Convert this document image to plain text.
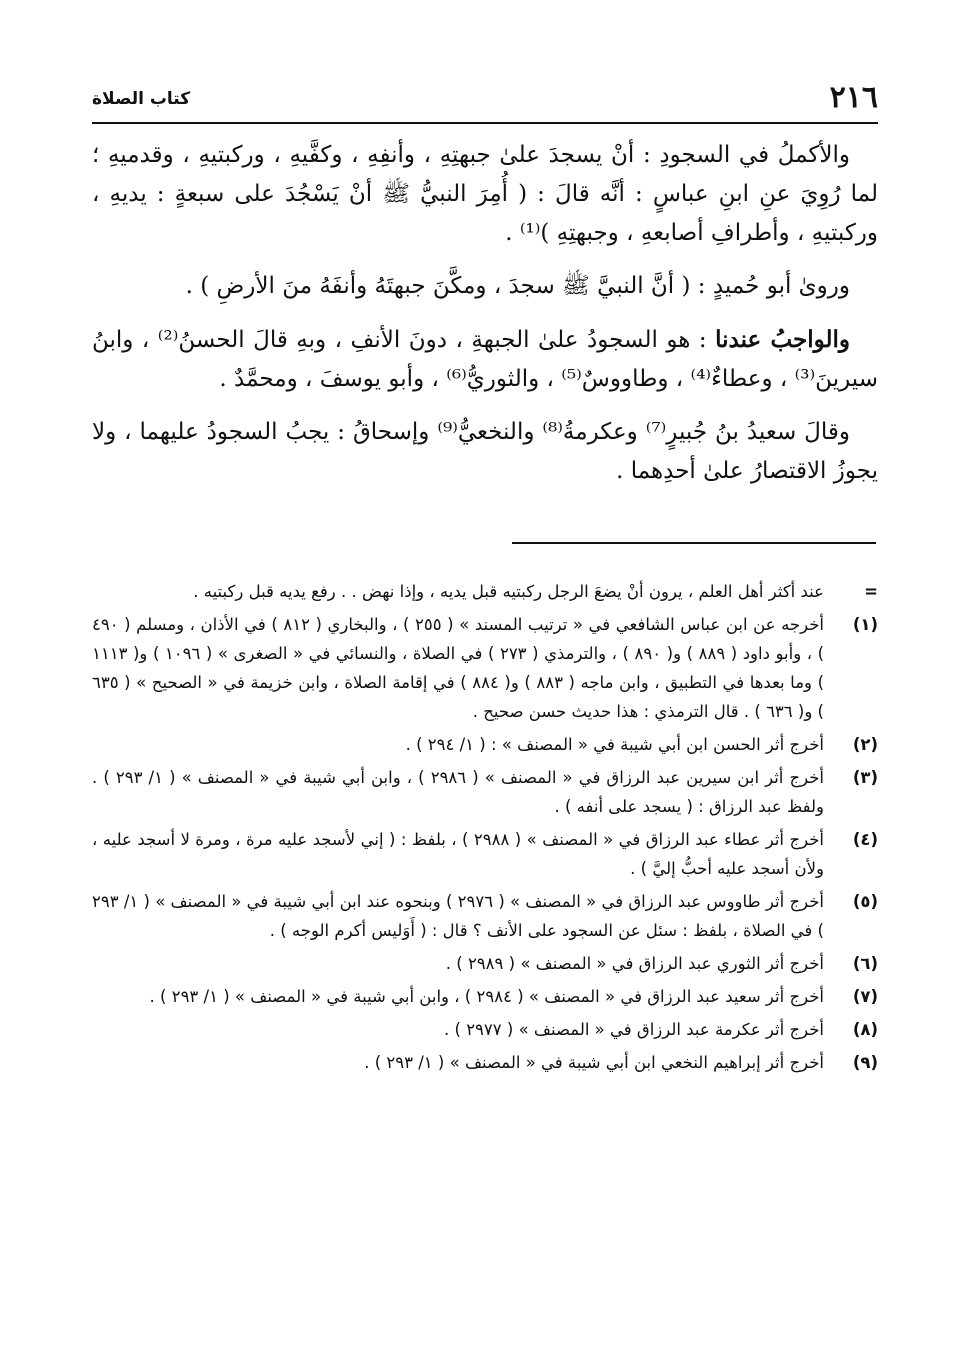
٢١٦
كتاب الصلاة

والأكملُ في السجودِ : أنْ يسجدَ علىٰ جبهتِهِ ، وأنفِهِ ، وكفَّيهِ ، وركبتيهِ ، وقدميهِ ؛ لما رُوِيَ عنِ ابنِ عباسٍ : أنَّه قالَ : ( أُمِرَ النبيُّ ﷺ أنْ يَسْجُدَ على سبعةٍ : يديهِ ، وركبتيهِ ، وأطرافِ أصابعهِ ، وجبهتِهِ )⁽¹⁾ .

وروىٰ أبو حُميدٍ : ( أنَّ النبيَّ ﷺ سجدَ ، ومكَّنَ جبهتَهُ وأنفَهُ منَ الأرضِ ) .

والواجبُ عندنا : هو السجودُ علىٰ الجبهةِ ، دونَ الأنفِ ، وبهِ قالَ الحسنُ⁽²⁾ ، وابنُ سيرينَ⁽³⁾ ، وعطاءٌ⁽⁴⁾ ، وطاووسٌ⁽⁵⁾ ، والثوريُّ⁽⁶⁾ ، وأبو يوسفَ ، ومحمَّدٌ .

وقالَ سعيدُ بنُ جُبيرٍ⁽⁷⁾ وعكرمةُ⁽⁸⁾ والنخعيُّ⁽⁹⁾ وإسحاقُ : يجبُ السجودُ عليهما ، ولا يجوزُ الاقتصارُ علىٰ أحدِهما .

=
عند أكثر أهل العلم ، يرون أنْ يضعَ الرجل ركبتيه قبل يديه ، وإذا نهض . . رفع يديه قبل ركبتيه .
(١)
أخرجه عن ابن عباس الشافعي في « ترتيب المسند » ( ٢٥٥ ) ، والبخاري ( ٨١٢ ) في الأذان ، ومسلم ( ٤٩٠ ) ، وأبو داود ( ٨٨٩ ) و( ٨٩٠ ) ، والترمذي ( ٢٧٣ ) في الصلاة ، والنسائي في « الصغرى » ( ١٠٩٦ ) و( ١١١٣ ) وما بعدها في التطبيق ، وابن ماجه ( ٨٨٣ ) و( ٨٨٤ ) في إقامة الصلاة ، وابن خزيمة في « الصحيح » ( ٦٣٥ ) و( ٦٣٦ ) . قال الترمذي : هذا حديث حسن صحيح .
(٢)
أخرج أثر الحسن ابن أبي شيبة في « المصنف » : ( ١/ ٢٩٤ ) .
(٣)
أخرج أثر ابن سيرين عبد الرزاق في « المصنف » ( ٢٩٨٦ ) ، وابن أبي شيبة في « المصنف » ( ١/ ٢٩٣ ) . ولفظ عبد الرزاق : ( يسجد على أنفه ) .
(٤)
أخرج أثر عطاء عبد الرزاق في « المصنف » ( ٢٩٨٨ ) ، بلفظ : ( إني لأسجد عليه مرة ، ومرة لا أسجد عليه ، ولأن أسجد عليه أحبُّ إليَّ ) .
(٥)
أخرج أثر طاووس عبد الرزاق في « المصنف » ( ٢٩٧٦ ) وبنحوه عند ابن أبي شيبة في « المصنف » ( ١/ ٢٩٣ ) في الصلاة ، بلفظ : سئل عن السجود على الأنف ؟ قال : ( أَوَليس أكرم الوجه ) .
(٦)
أخرج أثر الثوري عبد الرزاق في « المصنف » ( ٢٩٨٩ ) .
(٧)
أخرج أثر سعيد عبد الرزاق في « المصنف » ( ٢٩٨٤ ) ، وابن أبي شيبة في « المصنف » ( ١/ ٢٩٣ ) .
(٨)
أخرج أثر عكرمة عبد الرزاق في « المصنف » ( ٢٩٧٧ ) .
(٩)
أخرج أثر إبراهيم النخعي ابن أبي شيبة في « المصنف » ( ١/ ٢٩٣ ) .
